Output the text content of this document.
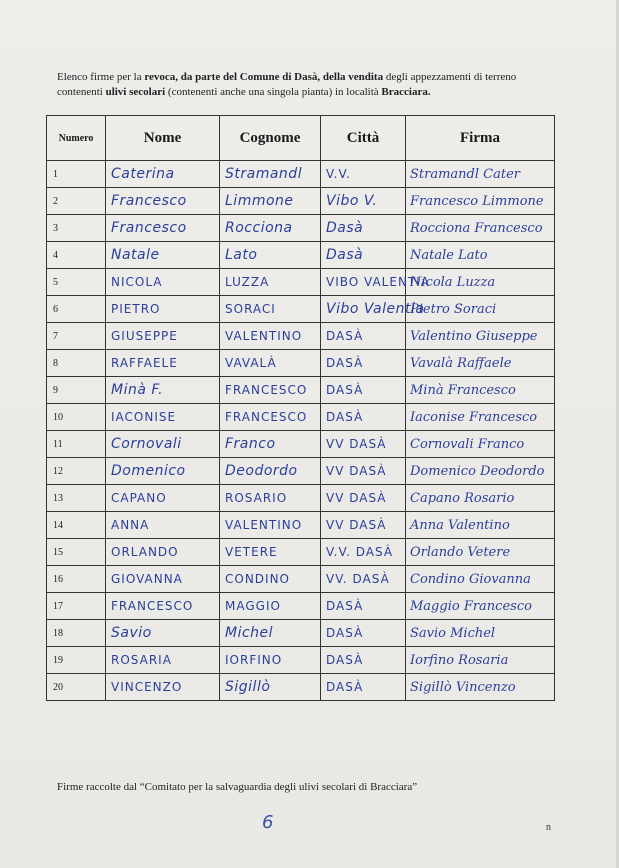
Elenco firme per la revoca, da parte del Comune di Dasà, della vendita degli appezzamenti di terreno contenenti ulivi secolari (contenenti anche una singola pianta) in località Bracciara.
Numero	Nome	Cognome	Città	Firma
1	Caterina	Stramandl	V.V.	Stramandl Cater
2	Francesco	Limmone	Vibo V.	Francesco Limmone
3	Francesco	Rocciona	Dasà	Rocciona Francesco
4	Natale	Lato	Dasà	Natale Lato
5	NICOLA	LUZZA	VIBO VALENTIA	Nicola Luzza
6	PIETRO	SORACI	Vibo Valentia	Pietro Soraci
7	GIUSEPPE	VALENTINO	DASÀ	Valentino Giuseppe
8	RAFFAELE	VAVALÀ	DASÀ	Vavalà Raffaele
9	Minà F.	FRANCESCO	DASÀ	Minà Francesco
10	IACONISE	FRANCESCO	DASÀ	Iaconise Francesco
11	Cornovali	Franco	VV DASÀ	Cornovali Franco
12	Domenico	Deodordo	VV DASÀ	Domenico Deodordo
13	CAPANO	ROSARIO	VV DASÀ	Capano Rosario
14	ANNA	VALENTINO	VV DASÀ	Anna Valentino
15	ORLANDO	VETERE	V.V. DASÀ	Orlando Vetere
16	GIOVANNA	CONDINO	VV. DASÀ	Condino Giovanna
17	FRANCESCO	MAGGIO	DASÀ	Maggio Francesco
18	Savio	Michel	DASÀ	Savio Michel
19	ROSARIA	IORFINO	DASÀ	Iorfino Rosaria
20	VINCENZO	Sigillò	DASÀ	Sigillò Vincenzo
Firme raccolte dal “Comitato per la salvaguardia degli ulivi secolari di Bracciara”
6	n
